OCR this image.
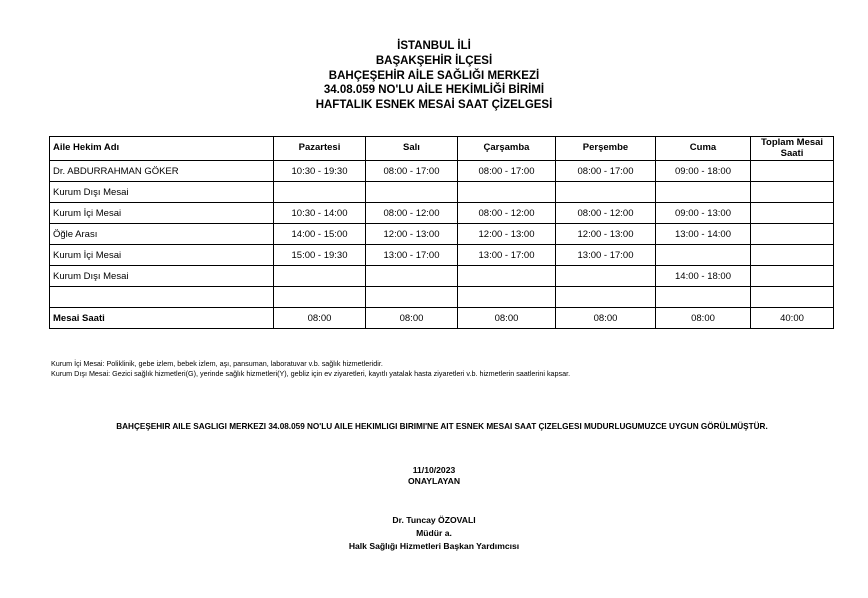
İSTANBUL İLİ
BAŞAKŞEHİR İLÇESİ
BAHÇEŞEHİR AİLE SAĞLIĞI MERKEZİ
34.08.059 NO'LU AİLE HEKİMLİĞİ BİRİMİ
HAFTALIK ESNEK MESAİ SAAT ÇİZELGESİ
Aile Hekim Adı	Pazartesi	Salı	Çarşamba	Perşembe	Cuma	Toplam Mesai Saati
Dr. ABDURRAHMAN GÖKER	10:30 - 19:30	08:00 - 17:00	08:00 - 17:00	08:00 - 17:00	09:00 - 18:00	
Kurum Dışı Mesai						
Kurum İçi Mesai	10:30 - 14:00	08:00 - 12:00	08:00 - 12:00	08:00 - 12:00	09:00 - 13:00	
Öğle Arası	14:00 - 15:00	12:00 - 13:00	12:00 - 13:00	12:00 - 13:00	13:00 - 14:00	
Kurum İçi Mesai	15:00 - 19:30	13:00 - 17:00	13:00 - 17:00	13:00 - 17:00		
Kurum Dışı Mesai					14:00 - 18:00	

Mesai Saati	08:00	08:00	08:00	08:00	08:00	40:00
Kurum İçi Mesai: Poliklinik, gebe izlem, bebek izlem, aşı, pansuman, laboratuvar v.b. sağlık hizmetleridir.
Kurum Dışı Mesai: Gezici sağlık hizmetleri(G), yerinde sağlık hizmetleri(Y), gebliz için ev ziyaretleri, kayıtlı yatalak hasta ziyaretleri v.b. hizmetlerin saatlerini kapsar.
BAHÇEŞEHIR AILE SAGLIGI MERKEZI 34.08.059 NO'LU AILE HEKIMLIGI BIRIMI'NE AIT ESNEK MESAI SAAT ÇIZELGESI MUDURLUGUMUZCE UYGUN GÖRÜLMÜŞTÜR.
11/10/2023
ONAYLAYAN
Dr. Tuncay ÖZOVALI
Müdür a.
Halk Sağlığı Hizmetleri Başkan Yardımcısı
